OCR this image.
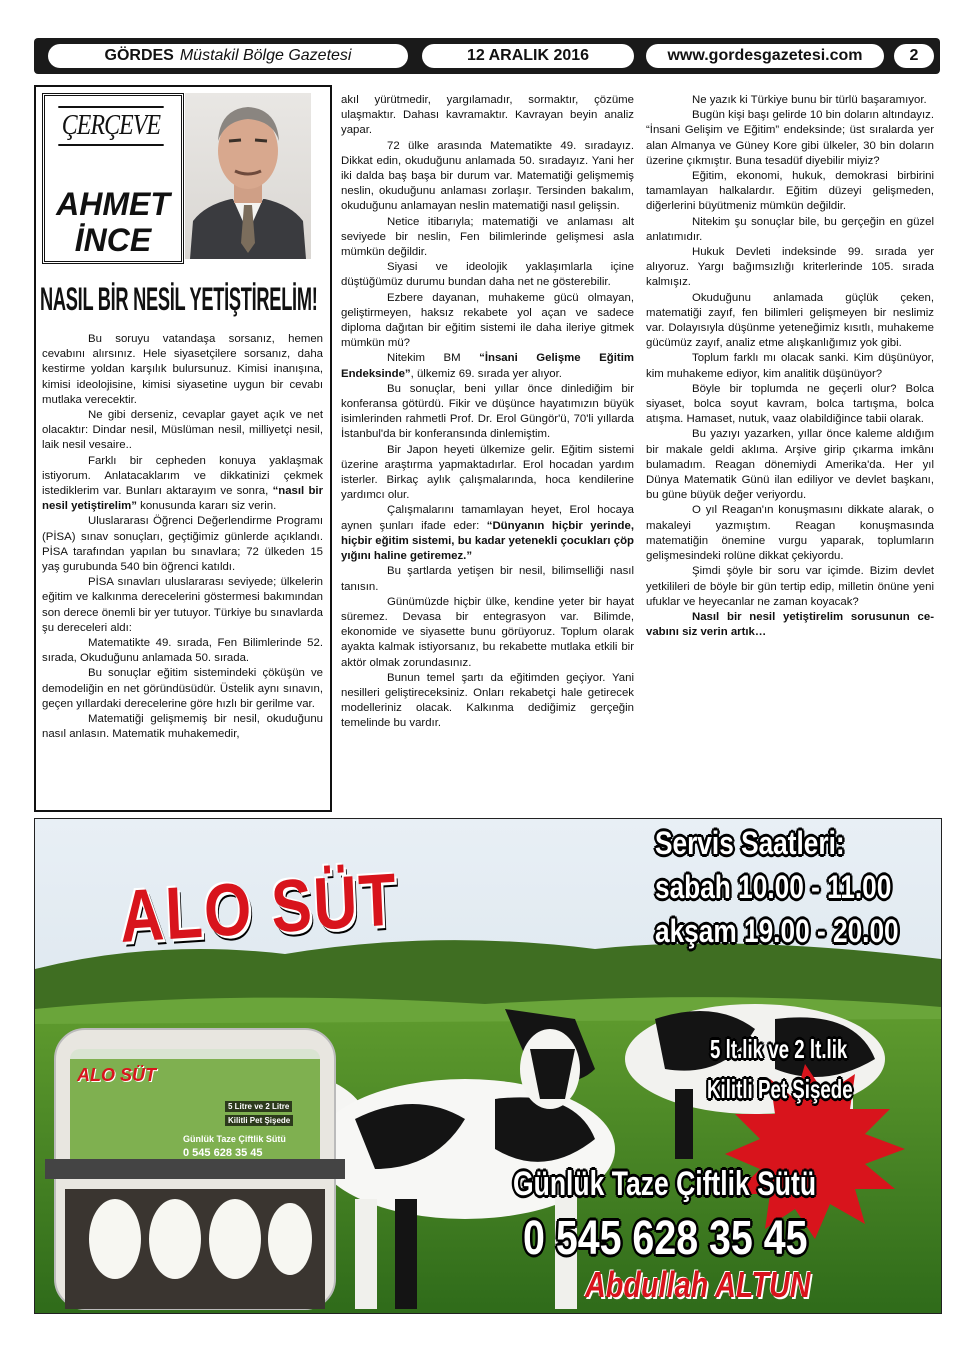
GÖRDES Müstakil Bölge Gazetesi	12 ARALIK 2016	www.gordesgazetesi.com	2
ÇERÇEVE
AHMET
İNCE
NASIL BİR NESİL YETİŞTİRELİM!

Bu soruyu vatandaşa sorsanız, hemen cevabını alırsınız. Hele siyasetçilere sorsanız, daha kestirme yoldan karşılık bulursunuz. Kimisi inanışına, kimisi ideolojisine, kimisi siyasetine uygun bir cevabı mutlaka verecektir.

Ne gibi derseniz, cevaplar gayet açık ve net olacaktır: Dindar nesil, Müslüman nesil, milliyetçi nesil, laik nesil vesaire..

Farklı bir cepheden konuya yaklaşmak istiyorum. Anlatacaklarım ve dikkatinizi çekmek istediklerim var. Bunları aktarayım ve sonra, “nasıl bir nesil yetiştirelim” konusunda kararı siz verin.

Uluslararası Öğrenci Değerlendirme Programı (PİSA) sınav sonuçları, geçtiğimiz günlerde açıklandı. PİSA tarafından yapılan bu sınavlara; 72 ülkeden 15 yaş gurubunda 540 bin öğrenci katıldı.

PİSA sınavları uluslararası seviyede; ülkelerin eğitim ve kalkınma derecelerini göstermesi bakımından son derece önemli bir yer tutuyor. Türkiye bu sınavlarda şu dereceleri aldı:

Matematikte 49. sırada, Fen Bilimlerinde 52. sırada, Okuduğunu anlamada 50. sırada.

Bu sonuçlar eğitim sistemindeki çöküşün ve demodeliğin en net göründüsüdür. Üstelik aynı sınavın, geçen yıllardaki derecelerine göre hızlı bir gerilme var.

Matematiği gelişmemiş bir nesil, okuduğunu nasıl anlasın. Matematik muhakemedir,

akıl yürütmedir, yargılamadır, sormaktır, çözüme ulaşmaktır. Dahası kavramaktır. Kavrayan beyin analiz yapar.

72 ülke arasında Matematikte 49. sıradayız. Dikkat edin, okuduğunu anlamada 50. sıradayız. Yani her iki dalda baş başa bir durum var. Matematiği gelişmemiş neslin, okuduğunu anlaması zorlaşır. Tersinden bakalım, okuduğunu anlamayan neslin matematiği nasıl gelişsin.

Netice itibarıyla; matematiği ve anlaması alt seviyede bir neslin, Fen bilimlerinde gelişmesi asla mümkün değildir.

Siyasi ve ideolojik yaklaşımlarla içine düştüğümüz durumu bundan daha net ne gösterebilir.

Ezbere dayanan, muhakeme gücü olmayan, geliştirmeyen, haksız rekabete yol açan ve sadece diploma dağıtan bir eğitim sistemi ile daha ileriye gitmek mümkün mü?

Nitekim BM “İnsani Gelişme Eğitim Endeksinde”, ülkemiz 69. sırada yer alıyor.

Bu sonuçlar, beni yıllar önce dinlediğim bir konferansa götürdü. Fikir ve düşünce hayatımızın büyük isimlerinden rahmetli Prof. Dr. Erol Güngör'ü, 70'li yıllarda İstanbul'da bir konferansında dinlemiştim.

Bir Japon heyeti ülkemize gelir. Eğitim sistemi üzerine araştırma yapmaktadırlar. Erol hocadan yardım isterler. Birkaç aylık çalışmalarında, hoca kendilerine yardımcı olur.

Çalışmalarını tamamlayan heyet, Erol hocaya aynen şunları ifade eder: “Dünyanın hiçbir yerinde, hiçbir eğitim sistemi, bu kadar yetenekli çocukları çöp yığını haline getiremez.”

Bu şartlarda yetişen bir nesil, bilimselliği nasıl tanısın.

Günümüzde hiçbir ülke, kendine yeter bir hayat süremez. Devasa bir entegrasyon var. Bilimde, ekonomide ve siyasette bunu görüyoruz. Toplum olarak ayakta kalmak istiyorsanız, bu rekabette mutlaka etkili bir aktör olmak zorundasınız.

Bunun temel şartı da eğitimden geçiyor. Yani nesilleri geliştireceksiniz. Onları rekabetçi hale getirecek modelleriniz olacak. Kalkınma dediğimiz gerçeğin temelinde bu vardır.

Ne yazık ki Türkiye bunu bir türlü başaramıyor.

Bugün kişi başı gelirde 10 bin doların altındayız. “İnsani Gelişim ve Eğitim” endeksinde; üst sıralarda yer alan Almanya ve Güney Kore gibi ülkeler, 30 bin doların üzerine çıkmıştır. Buna tesadüf diyebilir miyiz?

Eğitim, ekonomi, hukuk, demokrasi birbirini tamamlayan halkalardır. Eğitim düzeyi gelişmeden, diğerlerini büyütmeniz mümkün değildir.

Nitekim şu sonuçlar bile, bu gerçeğin en güzel anlatımıdır.

Hukuk Devleti indeksinde 99. sırada yer alıyoruz. Yargı bağımsızlığı kriterlerinde 105. sırada kalmışız.

Okuduğunu anlamada güçlük çeken, matematiği zayıf, fen bilimleri gelişmeyen bir neslimiz var. Dolayısıyla düşünme yeteneğimiz kısıtlı, muhakeme gücümüz zayıf, analiz etme alışkanlığımız yok gibi.

Toplum farklı mı olacak sanki. Kim düşünüyor, kim muhakeme ediyor, kim analitik düşünüyor?

Böyle bir toplumda ne geçerli olur? Bolca siyaset, bolca soyut kavram, bolca tartışma, bolca atışma. Hamaset, nutuk, vaaz olabildiğince tabii olarak.

Bu yazıyı yazarken, yıllar önce kaleme aldığım bir makale geldi aklıma. Arşive girip çıkarma imkânı bulamadım. Reagan dönemiydi Amerika'da. Her yıl Dünya Matematik Günü ilan ediliyor ve devlet başkanı, bu güne büyük değer veriyordu.

O yıl Reagan'ın konuşmasını dikkate alarak, o makaleyi yazmıştım. Reagan konuşmasında matematiğin önemine vurgu yaparak, toplumların gelişmesindeki rolüne dikkat çekiyordu.

Şimdi şöyle bir soru var içimde. Bizim devlet yetkilileri de böyle bir gün tertip edip, milletin önüne yeni ufuklar ve heyecanlar ne zaman koyacak?

Nasıl bir nesil yetiştirelim sorusunun ce-vabını siz verin artık…

ALO SÜT
Servis Saatleri:
sabah 10.00 - 11.00
akşam 19.00 - 20.00
5 lt.lik ve 2 lt.lik
Kilitli Pet Şişede
ALO SÜT
5 Litre ve 2 Litre
Kilitli Pet Şişede
Günlük Taze Çiftlik Sütü
0 545 628 35 45
Günlük Taze Çiftlik Sütü
0 545 628 35 45
Abdullah ALTUN
